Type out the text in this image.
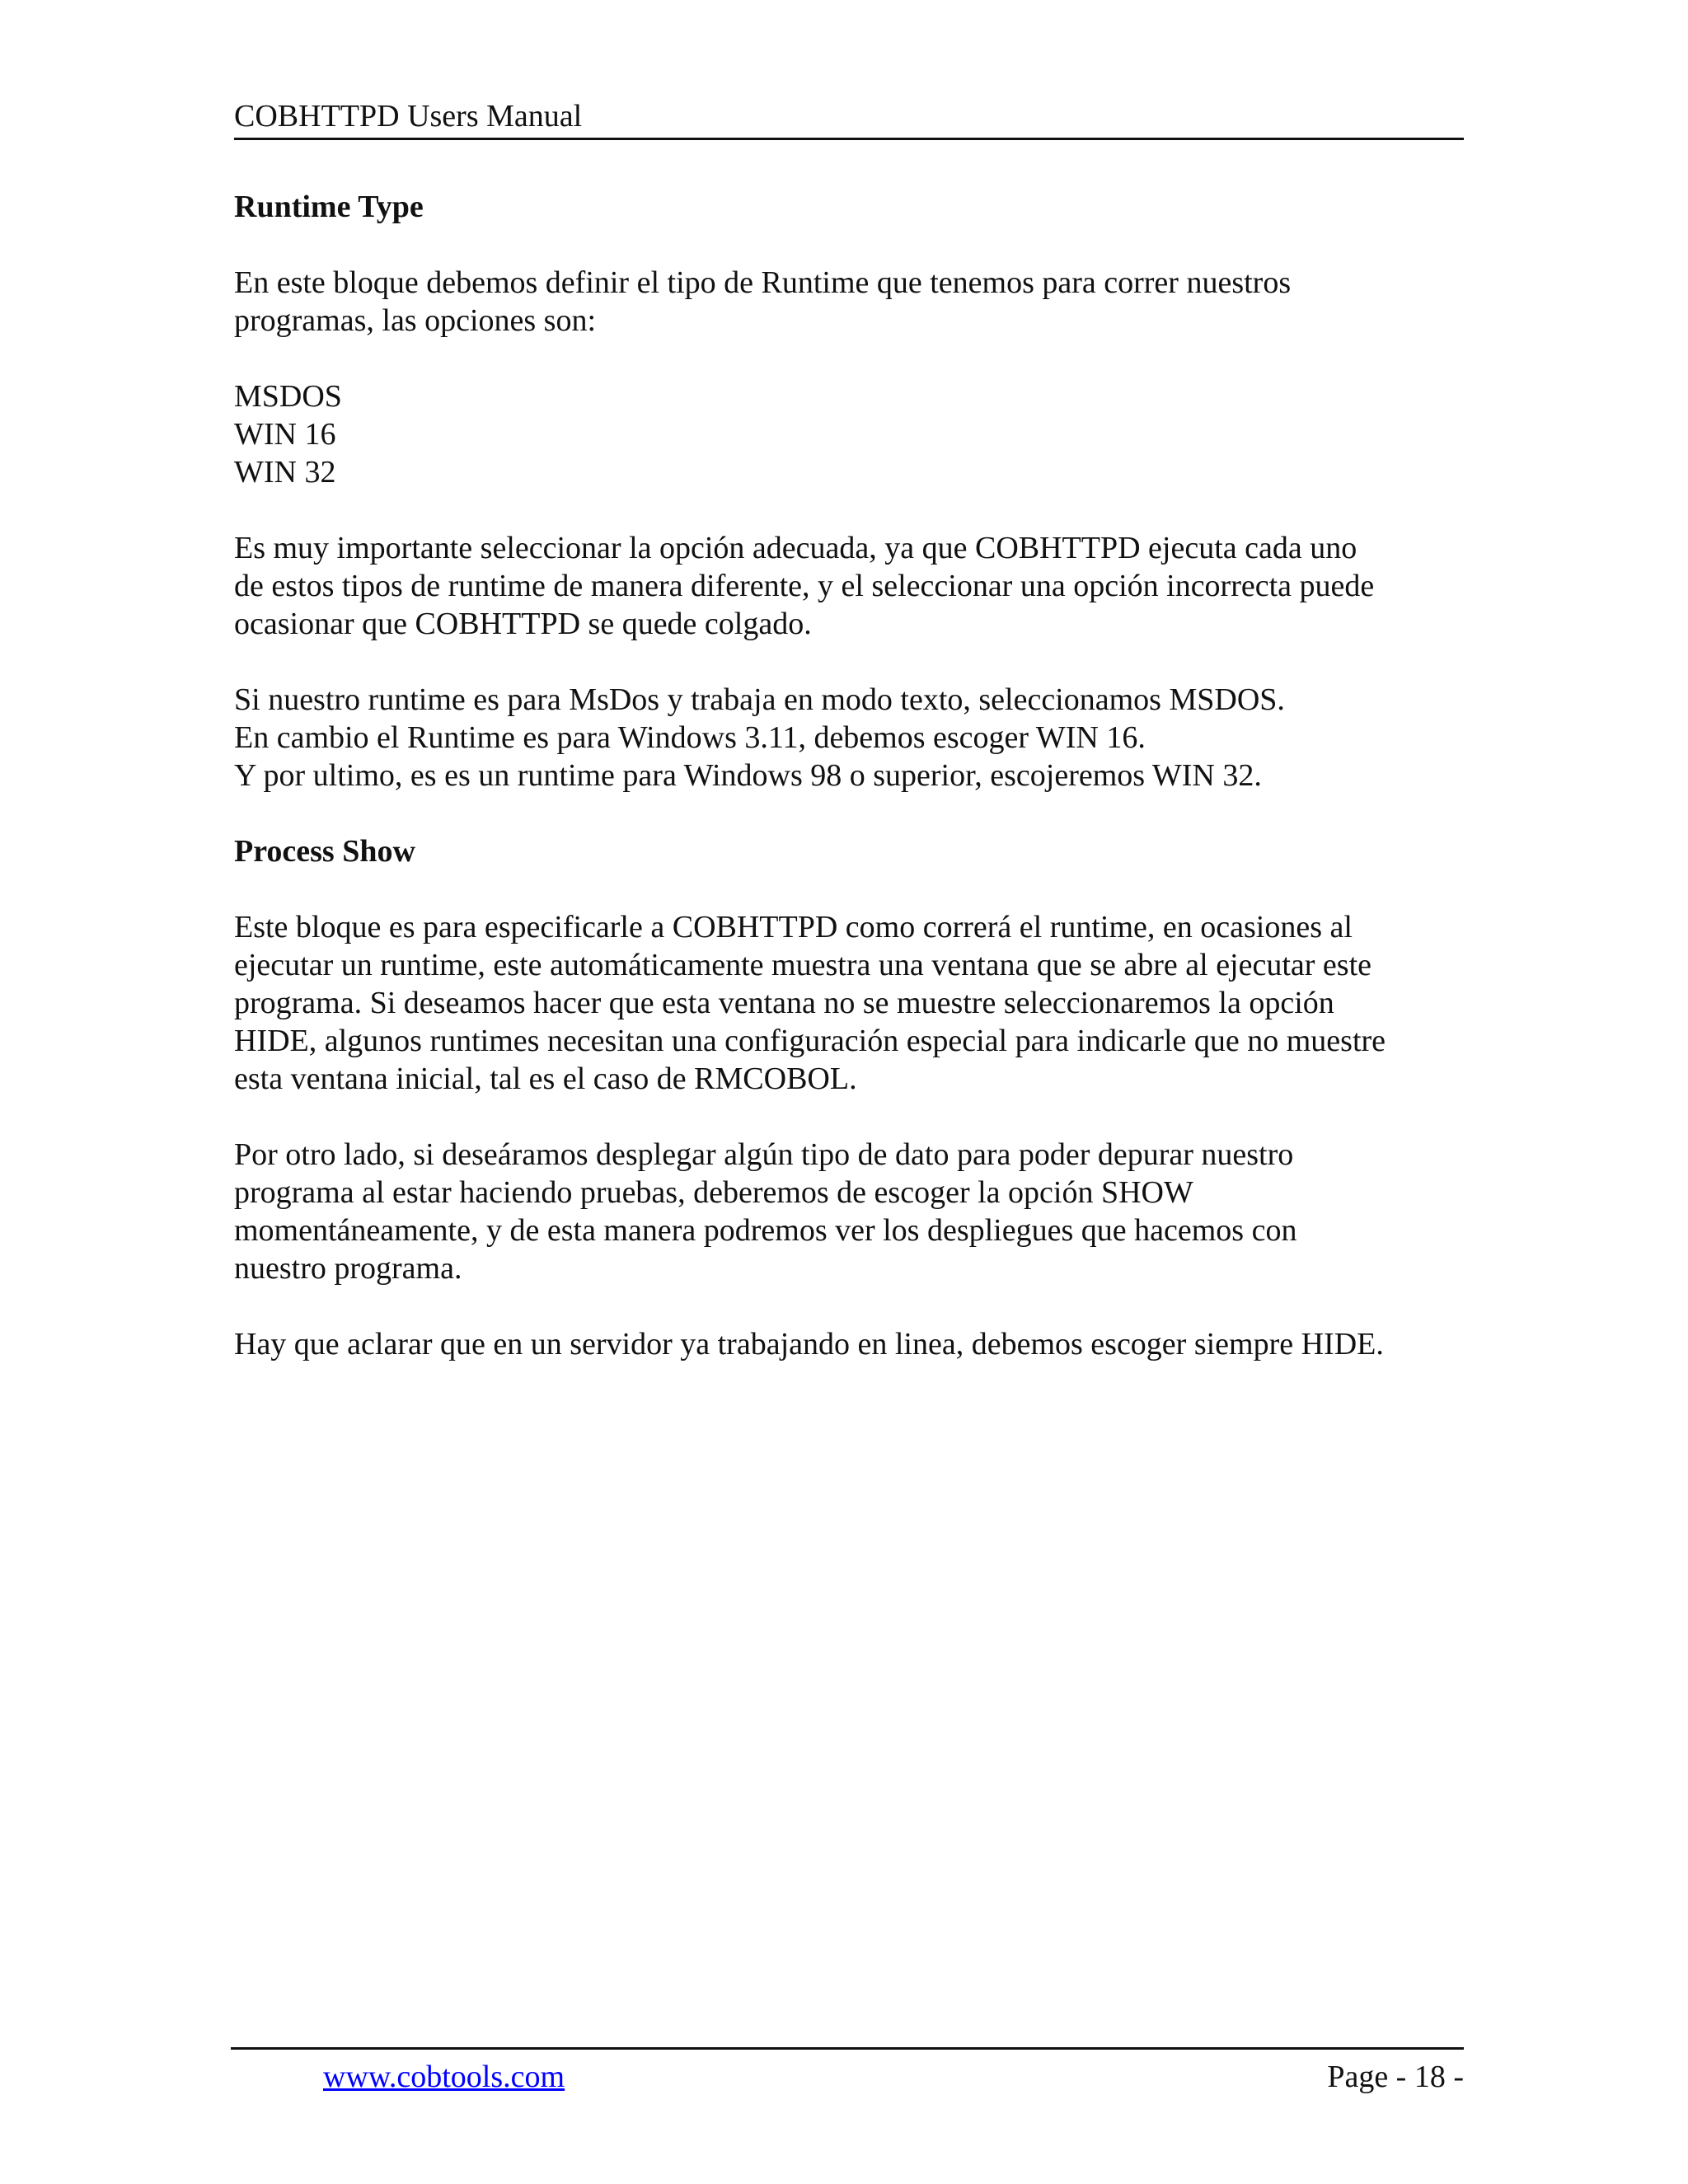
COBHTTPD Users Manual
Runtime Type

En este bloque debemos definir el tipo de Runtime que tenemos para correr nuestros
programas, las opciones son:

MSDOS
WIN 16
WIN 32

Es muy importante seleccionar la opción adecuada, ya que COBHTTPD ejecuta cada uno
de estos tipos de runtime de manera diferente, y el seleccionar una opción incorrecta puede
ocasionar que COBHTTPD se quede colgado.

Si nuestro runtime es para MsDos y trabaja en modo texto, seleccionamos MSDOS.
En cambio el Runtime es para Windows 3.11, debemos escoger WIN 16.
Y por ultimo, es es un runtime para Windows 98 o superior, escojeremos WIN 32.

Process Show

Este bloque es para especificarle a COBHTTPD como correrá el runtime, en ocasiones al
ejecutar un runtime, este automáticamente muestra una ventana que se abre al ejecutar este
programa. Si deseamos hacer que esta ventana no se muestre seleccionaremos la opción
HIDE, algunos runtimes necesitan una configuración especial para indicarle que no muestre
esta ventana inicial, tal es el caso de RMCOBOL.

Por otro lado, si deseáramos desplegar algún tipo de dato para poder depurar nuestro
programa al estar haciendo pruebas, deberemos de escoger la opción SHOW
momentáneamente, y de esta manera podremos ver los despliegues que hacemos con
nuestro programa.

Hay que aclarar que en un servidor ya trabajando en linea, debemos escoger siempre HIDE.

www.cobtools.com	Page - 18 -
